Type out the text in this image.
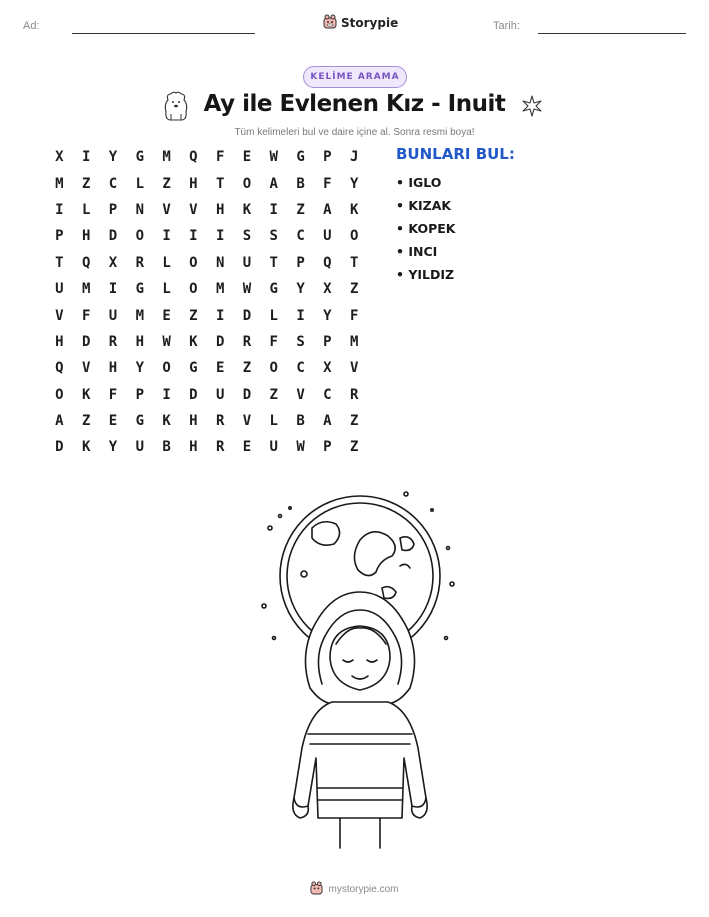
Ad:	Storypie	Tarih:
KELİME ARAMA
Ay ile Evlenen Kız - Inuit
Tüm kelimeleri bul ve daire içine al. Sonra resmi boya!
X	I	Y	G	M	Q	F	E	W	G	P	J
M	Z	C	L	Z	H	T	O	A	B	F	Y
I	L	P	N	V	V	H	K	I	Z	A	K
P	H	D	O	I	I	I	S	S	C	U	O
T	Q	X	R	L	O	N	U	T	P	Q	T
U	M	I	G	L	O	M	W	G	Y	X	Z
V	F	U	M	E	Z	I	D	L	I	Y	F
H	D	R	H	W	K	D	R	F	S	P	M
Q	V	H	Y	O	G	E	Z	O	C	X	V
O	K	F	P	I	D	U	D	Z	V	C	R
A	Z	E	G	K	H	R	V	L	B	A	Z
D	K	Y	U	B	H	R	E	U	W	P	Z
BUNLARI BUL:
• IGLO
• KIZAK
• KOPEK
• INCI
• YILDIZ
mystorypie.com
